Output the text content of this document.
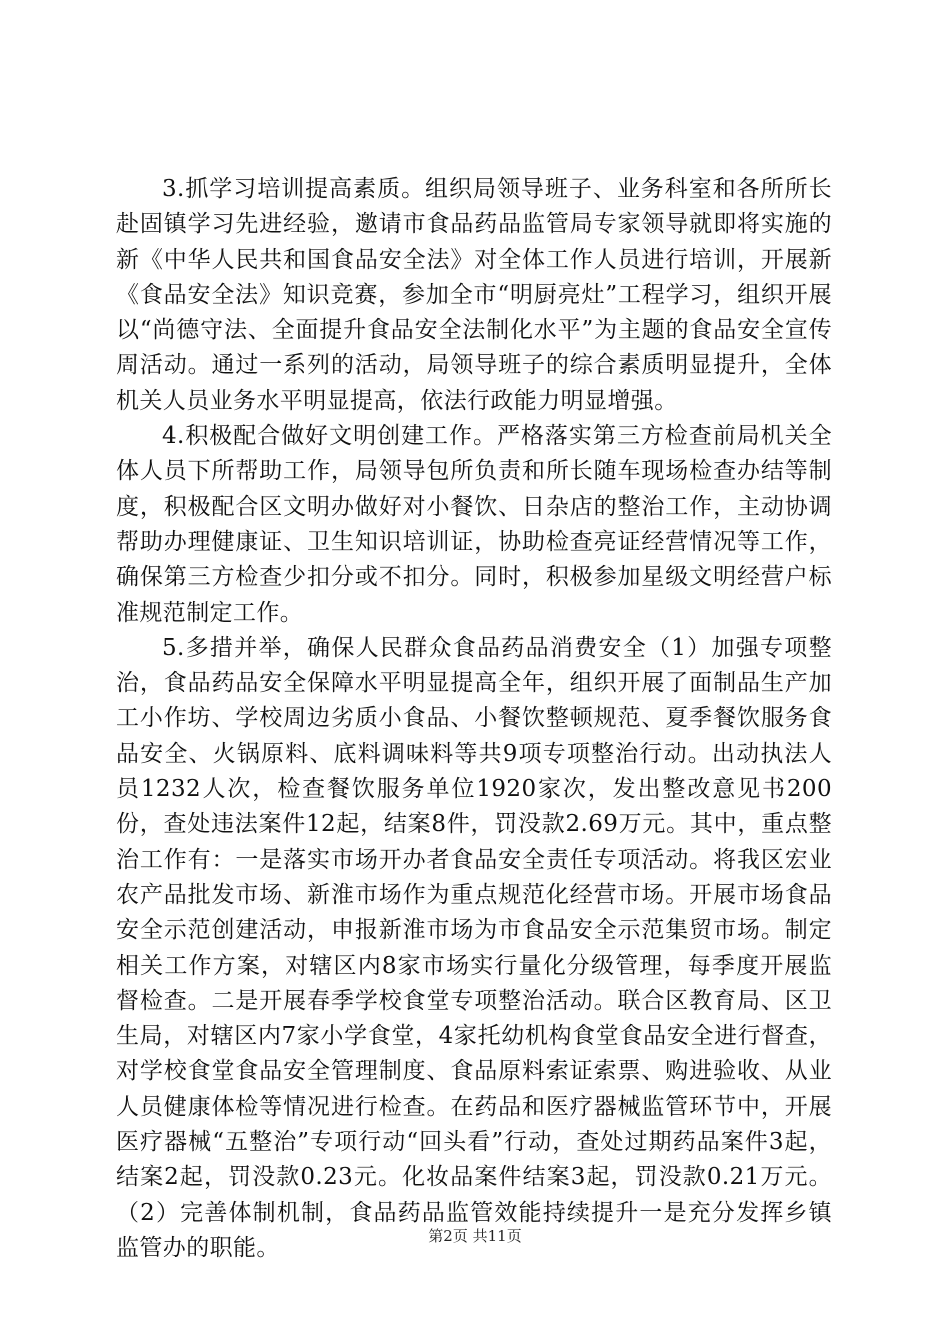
3.抓学习培训提高素质。组织局领导班子、业务科室和各所所长赴固镇学习先进经验，邀请市食品药品监管局专家领导就即将实施的新《中华人民共和国食品安全法》对全体工作人员进行培训，开展新《食品安全法》知识竞赛，参加全市“明厨亮灶”工程学习，组织开展以“尚德守法、全面提升食品安全法制化水平”为主题的食品安全宣传周活动。通过一系列的活动，局领导班子的综合素质明显提升，全体机关人员业务水平明显提高，依法行政能力明显增强。

4.积极配合做好文明创建工作。严格落实第三方检查前局机关全体人员下所帮助工作，局领导包所负责和所长随车现场检查办结等制度，积极配合区文明办做好对小餐饮、日杂店的整治工作，主动协调帮助办理健康证、卫生知识培训证，协助检查亮证经营情况等工作，确保第三方检查少扣分或不扣分。同时，积极参加星级文明经营户标准规范制定工作。

5.多措并举，确保人民群众食品药品消费安全（1）加强专项整治，食品药品安全保障水平明显提高全年，组织开展了面制品生产加工小作坊、学校周边劣质小食品、小餐饮整顿规范、夏季餐饮服务食品安全、火锅原料、底料调味料等共9项专项整治行动。出动执法人员1232人次，检查餐饮服务单位1920家次，发出整改意见书200份，查处违法案件12起，结案8件，罚没款2.69万元。其中，重点整治工作有：一是落实市场开办者食品安全责任专项活动。将我区宏业农产品批发市场、新淮市场作为重点规范化经营市场。开展市场食品安全示范创建活动，申报新淮市场为市食品安全示范集贸市场。制定相关工作方案，对辖区内8家市场实行量化分级管理，每季度开展监督检查。二是开展春季学校食堂专项整治活动。联合区教育局、区卫生局，对辖区内7家小学食堂，4家托幼机构食堂食品安全进行督查，对学校食堂食品安全管理制度、食品原料索证索票、购进验收、从业人员健康体检等情况进行检查。在药品和医疗器械监管环节中，开展医疗器械“五整治”专项行动“回头看”行动，查处过期药品案件3起，结案2起，罚没款0.23元。化妆品案件结案3起，罚没款0.21万元。（2）完善体制机制，食品药品监管效能持续提升一是充分发挥乡镇监管办的职能。	第2页 共11页
